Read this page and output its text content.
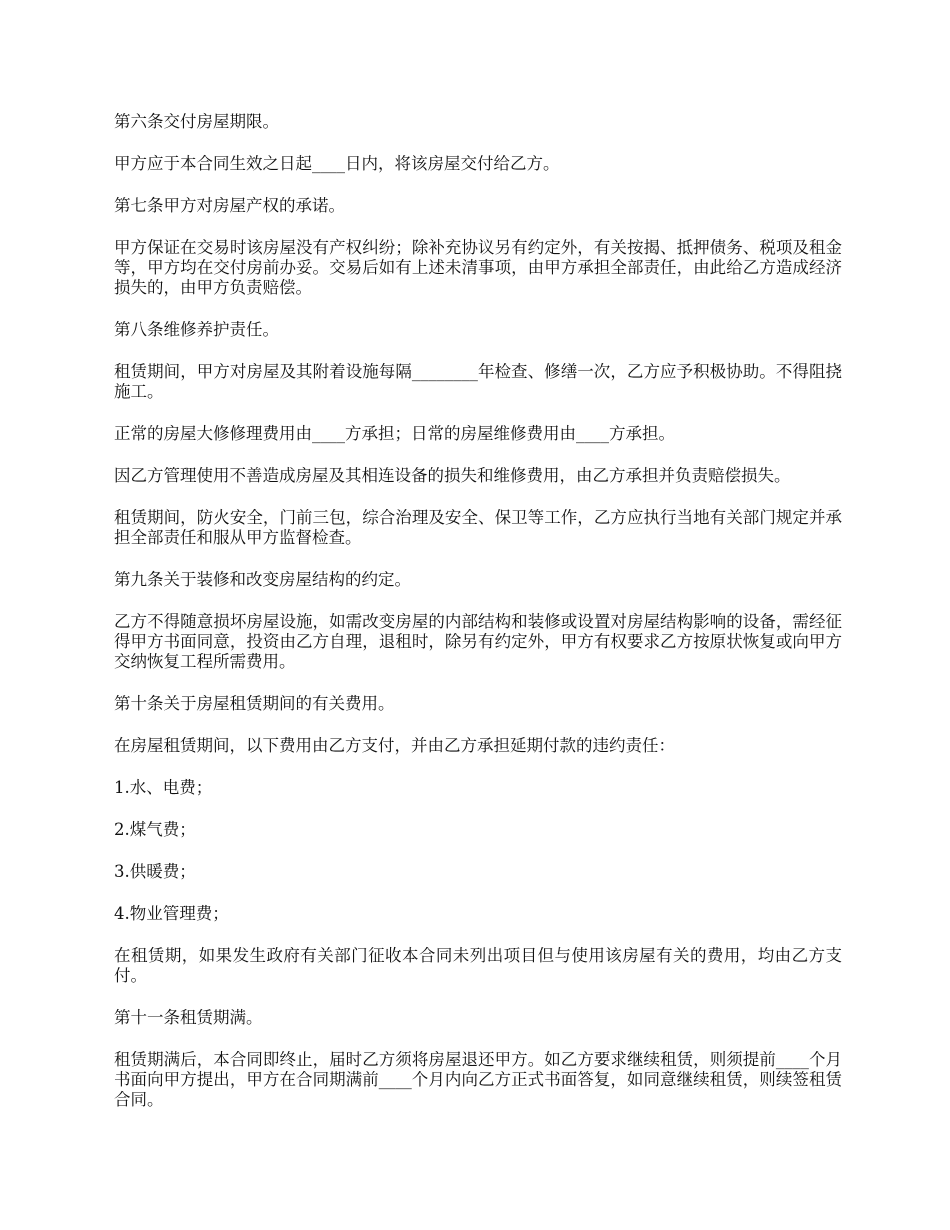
第六条交付房屋期限。

甲方应于本合同生效之日起____日内，将该房屋交付给乙方。

第七条甲方对房屋产权的承诺。

甲方保证在交易时该房屋没有产权纠纷；除补充协议另有约定外，有关按揭、抵押债务、税项及租金等，甲方均在交付房前办妥。交易后如有上述未清事项，由甲方承担全部责任，由此给乙方造成经济损失的，由甲方负责赔偿。

第八条维修养护责任。

租赁期间，甲方对房屋及其附着设施每隔________年检查、修缮一次，乙方应予积极协助。不得阻挠施工。

正常的房屋大修修理费用由____方承担；日常的房屋维修费用由____方承担。

因乙方管理使用不善造成房屋及其相连设备的损失和维修费用，由乙方承担并负责赔偿损失。

租赁期间，防火安全，门前三包，综合治理及安全、保卫等工作，乙方应执行当地有关部门规定并承担全部责任和服从甲方监督检查。

第九条关于装修和改变房屋结构的约定。

乙方不得随意损坏房屋设施，如需改变房屋的内部结构和装修或设置对房屋结构影响的设备，需经征得甲方书面同意，投资由乙方自理，退租时，除另有约定外，甲方有权要求乙方按原状恢复或向甲方交纳恢复工程所需费用。

第十条关于房屋租赁期间的有关费用。

在房屋租赁期间，以下费用由乙方支付，并由乙方承担延期付款的违约责任：

1.水、电费；

2.煤气费；

3.供暖费；

4.物业管理费；

在租赁期，如果发生政府有关部门征收本合同未列出项目但与使用该房屋有关的费用，均由乙方支付。

第十一条租赁期满。

租赁期满后，本合同即终止，届时乙方须将房屋退还甲方。如乙方要求继续租赁，则须提前____个月书面向甲方提出，甲方在合同期满前____个月内向乙方正式书面答复，如同意继续租赁，则续签租赁合同。
